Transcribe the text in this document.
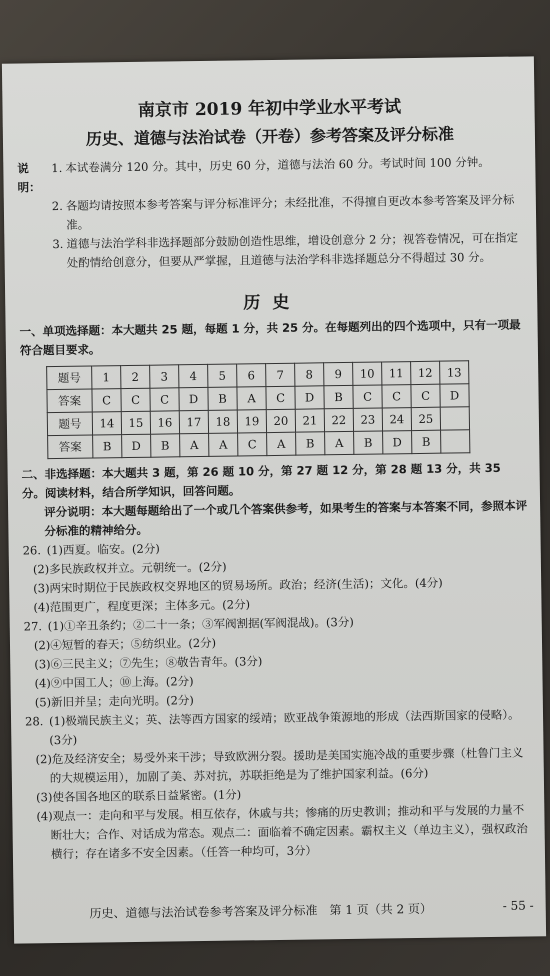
南京市 2019 年初中学业水平考试
历史、道德与法治试卷（开卷）参考答案及评分标准
说明：
1. 本试卷满分 120 分。其中，历史 60 分，道德与法治 60 分。考试时间 100 分钟。
2. 各题均请按照本参考答案与评分标准评分；未经批准，不得擅自更改本参考答案及评分标准。
3. 道德与法治学科非选择题部分鼓励创造性思维，增设创意分 2 分；视答卷情况，可在指定处酌情给创意分，但要从严掌握，且道德与法治学科非选择题总分不得超过 30 分。
历史

一、单项选择题：本大题共 25 题，每题 1 分，共 25 分。在每题列出的四个选项中，只有一项最符合题目要求。

题号	1	2	3	4	5	6	7	8	9	10	11	12	13
答案	C	C	C	D	B	A	C	D	B	C	C	C	D
题号	14	15	16	17	18	19	20	21	22	23	24	25	
答案	B	D	B	A	A	C	A	B	A	B	D	B	

二、非选择题：本大题共 3 题，第 26 题 10 分，第 27 题 12 分，第 28 题 13 分，共 35 分。阅读材料，结合所学知识，回答问题。

评分说明：本大题每题给出了一个或几个答案供参考，如果考生的答案与本答案不同，参照本评分标准的精神给分。

26. (1)西夏。临安。(2分)
(2)多民族政权并立。元朝统一。(2分)
(3)两宋时期位于民族政权交界地区的贸易场所。政治；经济(生活)；文化。(4分)
(4)范围更广，程度更深；主体多元。(2分)
27. (1)①辛丑条约；②二十一条；③军阀割据(军阀混战)。(3分)
(2)④短暂的春天；⑤纺织业。(2分)
(3)⑥三民主义；⑦先生；⑧敬告青年。(3分)
(4)⑨中国工人；⑩上海。(2分)
(5)新旧并呈；走向光明。(2分)
28. (1)极端民族主义；英、法等西方国家的绥靖；欧亚战争策源地的形成（法西斯国家的侵略）。(3分)
(2)危及经济安全；易受外来干涉；导致欧洲分裂。援助是美国实施冷战的重要步骤（杜鲁门主义的大规模运用），加剧了美、苏对抗，苏联拒绝是为了维护国家利益。(6分)
(3)使各国各地区的联系日益紧密。(1分)
(4)观点一：走向和平与发展。相互依存，休戚与共；惨痛的历史教训；推动和平与发展的力量不断壮大；合作、对话成为常态。观点二：面临着不确定因素。霸权主义（单边主义），强权政治横行；存在诸多不安全因素。（任答一种均可，3分）
历史、道德与法治试卷参考答案及评分标准　第 1 页（共 2 页）	- 55 -
